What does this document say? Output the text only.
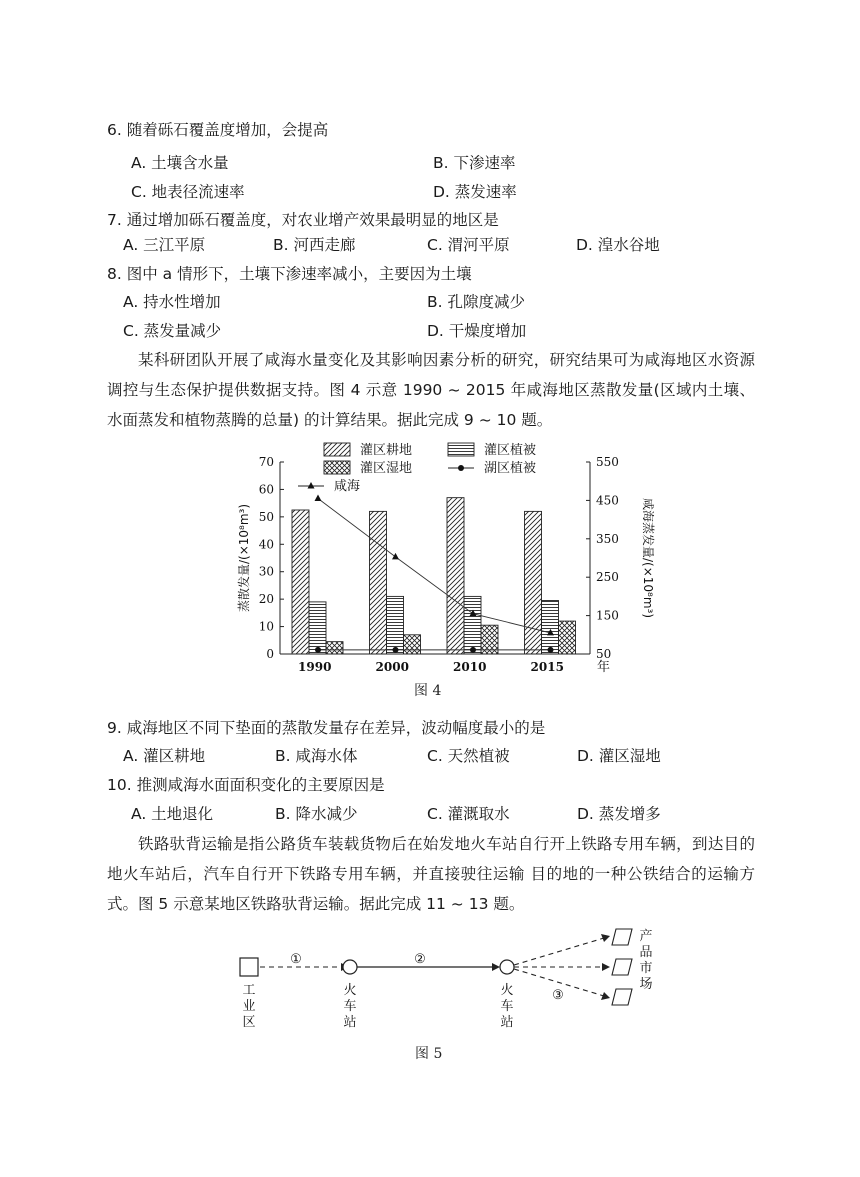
6. 随着砾石覆盖度增加，会提高
A. 土壤含水量	B. 下渗速率
C. 地表径流速率	D. 蒸发速率
7. 通过增加砾石覆盖度，对农业增产效果最明显的地区是
A. 三江平原	B. 河西走廊	C. 渭河平原	D. 湟水谷地
8. 图中 a 情形下，土壤下渗速率减小，主要因为土壤
A. 持水性增加	B. 孔隙度减少
C. 蒸发量减少	D. 干燥度增加
某科研团队开展了咸海水量变化及其影响因素分析的研究，研究结果可为咸海地区水资源调控与生态保护提供数据支持。图 4 示意 1990 ~ 2015 年咸海地区蒸散发量(区域内土壤、水面蒸发和植物蒸腾的总量) 的计算结果。据此完成 9 ~ 10 题。
0
10
20
30
40
50
60
70
50
150
250
350
450
550
蒸散发量/(×10⁸m³)	咸海蒸发量/(×10⁸m³)
1990	2000	2010	2015	年
灌区耕地	灌区植被
灌区湿地	湖区植被
咸海
图 4
9. 咸海地区不同下垫面的蒸散发量存在差异，波动幅度最小的是
A. 灌区耕地	B. 咸海水体	C. 天然植被	D. 灌区湿地
10. 推测咸海水面面积变化的主要原因是
A. 土地退化	B. 降水减少	C. 灌溉取水	D. 蒸发增多
铁路驮背运输是指公路货车装载货物后在始发地火车站自行开上铁路专用车辆，到达目的地火车站后，汽车自行开下铁路专用车辆，并直接驶往运输 目的地的一种公铁结合的运输方式。图 5 示意某地区铁路驮背运输。据此完成 11 ~ 13 题。
①	②
③
工
业
区
火
车
站
火
车
站
产
品
市
场
图 5
